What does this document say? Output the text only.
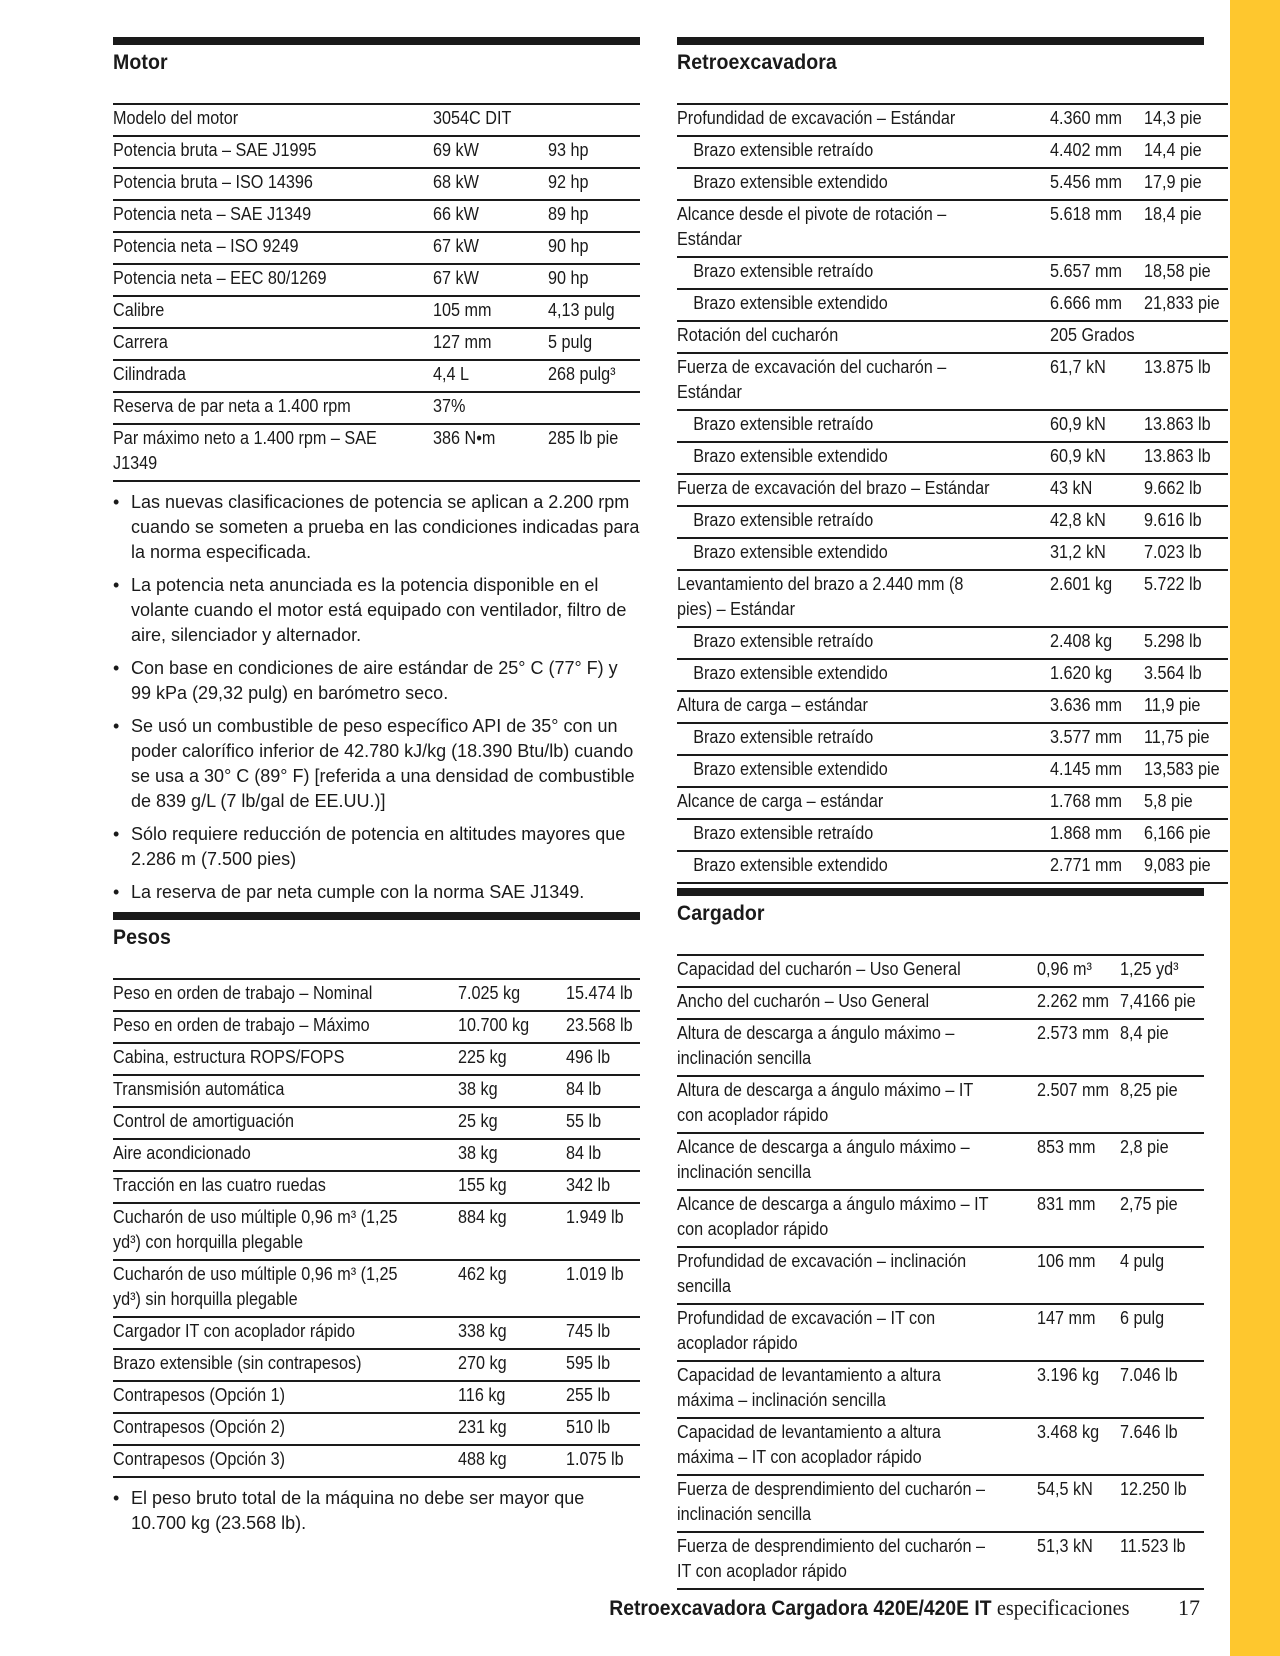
Motor
Modelo del motor	3054C DIT	
Potencia bruta – SAE J1995	69 kW	93 hp
Potencia bruta – ISO 14396	68 kW	92 hp
Potencia neta – SAE J1349	66 kW	89 hp
Potencia neta – ISO 9249	67 kW	90 hp
Potencia neta – EEC 80/1269	67 kW	90 hp
Calibre	105 mm	4,13 pulg
Carrera	127 mm	5 pulg
Cilindrada	4,4 L	268 pulg³
Reserva de par neta a 1.400 rpm	37%	
Par máximo neto a 1.400 rpm – SAE J1349	386 N•m	285 lb pie
• Las nuevas clasificaciones de potencia se aplican a 2.200 rpm cuando se someten a prueba en las condiciones indicadas para la norma especificada.
• La potencia neta anunciada es la potencia disponible en el volante cuando el motor está equipado con ventilador, filtro de aire, silenciador y alternador.
• Con base en condiciones de aire estándar de 25° C (77° F) y 99 kPa (29,32 pulg) en barómetro seco.
• Se usó un combustible de peso específico API de 35° con un poder calorífico inferior de 42.780 kJ/kg (18.390 Btu/lb) cuando se usa a 30° C (89° F) [referida a una densidad de combustible de 839 g/L (7 lb/gal de EE.UU.)]
• Sólo requiere reducción de potencia en altitudes mayores que 2.286 m (7.500 pies)
• La reserva de par neta cumple con la norma SAE J1349.
Pesos
Peso en orden de trabajo – Nominal	7.025 kg	15.474 lb
Peso en orden de trabajo – Máximo	10.700 kg	23.568 lb
Cabina, estructura ROPS/FOPS	225 kg	496 lb
Transmisión automática	38 kg	84 lb
Control de amortiguación	25 kg	55 lb
Aire acondicionado	38 kg	84 lb
Tracción en las cuatro ruedas	155 kg	342 lb
Cucharón de uso múltiple 0,96 m³ (1,25 yd³) con horquilla plegable	884 kg	1.949 lb
Cucharón de uso múltiple 0,96 m³ (1,25 yd³) sin horquilla plegable	462 kg	1.019 lb
Cargador IT con acoplador rápido	338 kg	745 lb
Brazo extensible (sin contrapesos)	270 kg	595 lb
Contrapesos (Opción 1)	116 kg	255 lb
Contrapesos (Opción 2)	231 kg	510 lb
Contrapesos (Opción 3)	488 kg	1.075 lb
• El peso bruto total de la máquina no debe ser mayor que 10.700 kg (23.568 lb).
Retroexcavadora
Profundidad de excavación – Estándar	4.360 mm	14,3 pie
Brazo extensible retraído	4.402 mm	14,4 pie
Brazo extensible extendido	5.456 mm	17,9 pie
Alcance desde el pivote de rotación – Estándar	5.618 mm	18,4 pie
Brazo extensible retraído	5.657 mm	18,58 pie
Brazo extensible extendido	6.666 mm	21,833 pie
Rotación del cucharón	205 Grados	
Fuerza de excavación del cucharón – Estándar	61,7 kN	13.875 lb
Brazo extensible retraído	60,9 kN	13.863 lb
Brazo extensible extendido	60,9 kN	13.863 lb
Fuerza de excavación del brazo – Estándar	43 kN	9.662 lb
Brazo extensible retraído	42,8 kN	9.616 lb
Brazo extensible extendido	31,2 kN	7.023 lb
Levantamiento del brazo a 2.440 mm (8 pies) – Estándar	2.601 kg	5.722 lb
Brazo extensible retraído	2.408 kg	5.298 lb
Brazo extensible extendido	1.620 kg	3.564 lb
Altura de carga – estándar	3.636 mm	11,9 pie
Brazo extensible retraído	3.577 mm	11,75 pie
Brazo extensible extendido	4.145 mm	13,583 pie
Alcance de carga – estándar	1.768 mm	5,8 pie
Brazo extensible retraído	1.868 mm	6,166 pie
Brazo extensible extendido	2.771 mm	9,083 pie
Cargador
Capacidad del cucharón – Uso General	0,96 m³	1,25 yd³
Ancho del cucharón – Uso General	2.262 mm	7,4166 pie
Altura de descarga a ángulo máximo – inclinación sencilla	2.573 mm	8,4 pie
Altura de descarga a ángulo máximo – IT con acoplador rápido	2.507 mm	8,25 pie
Alcance de descarga a ángulo máximo – inclinación sencilla	853 mm	2,8 pie
Alcance de descarga a ángulo máximo – IT con acoplador rápido	831 mm	2,75 pie
Profundidad de excavación – inclinación sencilla	106 mm	4 pulg
Profundidad de excavación – IT con acoplador rápido	147 mm	6 pulg
Capacidad de levantamiento a altura máxima – inclinación sencilla	3.196 kg	7.046 lb
Capacidad de levantamiento a altura máxima – IT con acoplador rápido	3.468 kg	7.646 lb
Fuerza de desprendimiento del cucharón – inclinación sencilla	54,5 kN	12.250 lb
Fuerza de desprendimiento del cucharón – IT con acoplador rápido	51,3 kN	11.523 lb
Retroexcavadora Cargadora 420E/420E IT especificaciones 17
